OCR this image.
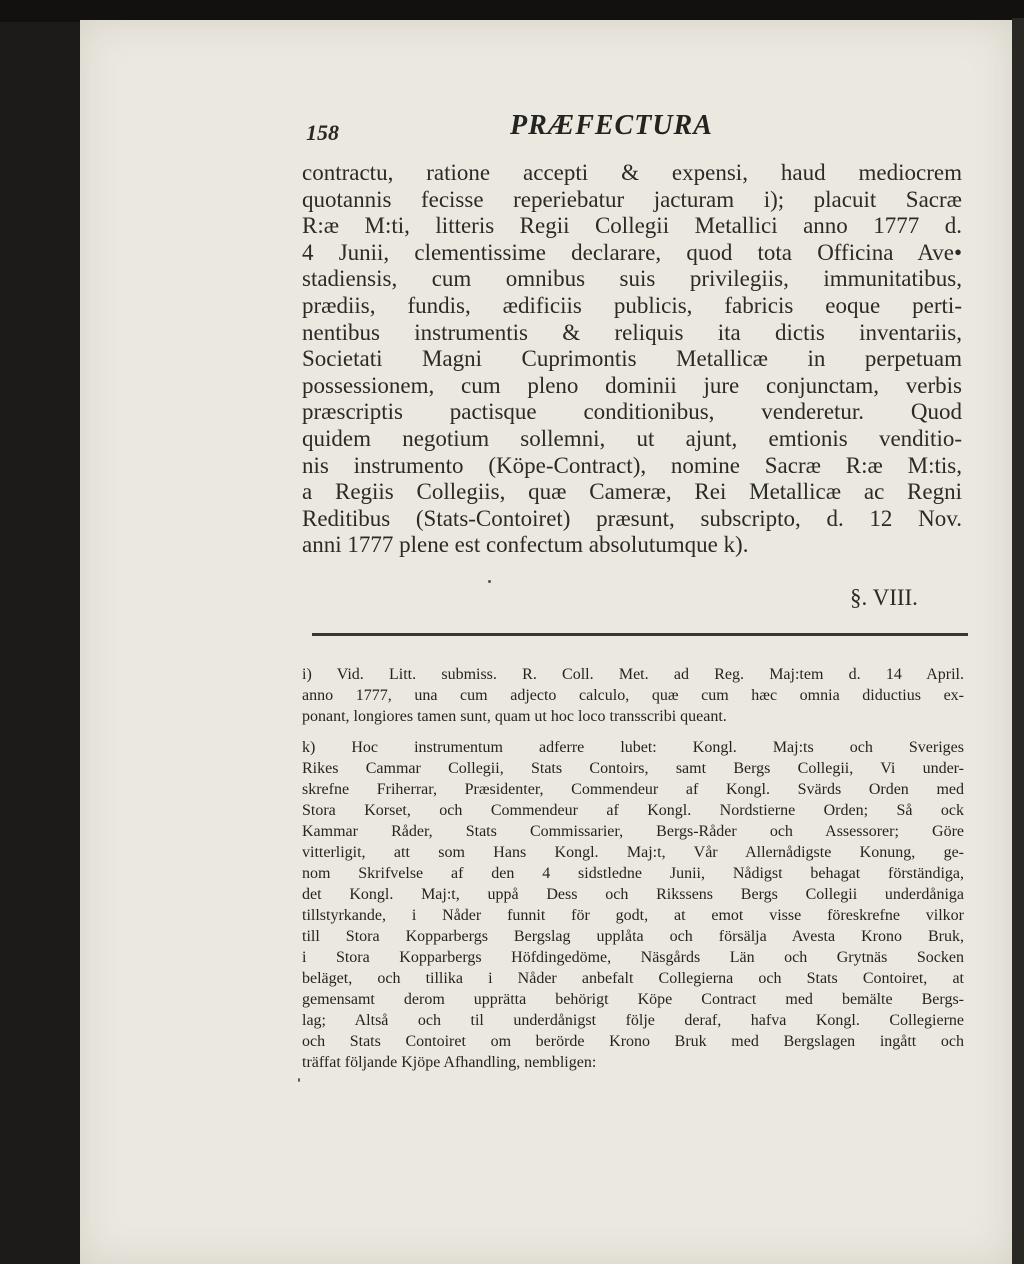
158	PRÆFECTURA
contractu, ratione accepti & expensi, haud mediocrem
quotannis fecisse reperiebatur jacturam i); placuit Sacræ
R:æ M:ti, litteris Regii Collegii Metallici anno 1777 d.
4 Junii, clementissime declarare, quod tota Officina Ave•
stadiensis, cum omnibus suis privilegiis, immunitatibus,
prædiis, fundis, ædificiis publicis, fabricis eoque perti-
nentibus instrumentis & reliquis ita dictis inventariis,
Societati Magni Cuprimontis Metallicæ in perpetuam
possessionem, cum pleno dominii jure conjunctam, verbis
præscriptis pactisque conditionibus, venderetur. Quod
quidem negotium sollemni, ut ajunt, emtionis venditio-
nis instrumento (Köpe-Contract), nomine Sacræ R:æ M:tis,
a Regiis Collegiis, quæ Cameræ, Rei Metallicæ ac Regni
Reditibus (Stats-Contoiret) præsunt, subscripto, d. 12 Nov.
anni 1777 plene est confectum absolutumque k).
§. VIII.
i) Vid. Litt. submiss. R. Coll. Met. ad Reg. Maj:tem d. 14 April.
anno 1777, una cum adjecto calculo, quæ cum hæc omnia diductius ex-
ponant, longiores tamen sunt, quam ut hoc loco transscribi queant.
k) Hoc instrumentum adferre lubet: Kongl. Maj:ts och Sveriges
Rikes Cammar Collegii, Stats Contoirs, samt Bergs Collegii, Vi under-
skrefne Friherrar, Præsidenter, Commendeur af Kongl. Svärds Orden med
Stora Korset, och Commendeur af Kongl. Nordstierne Orden; Så ock
Kammar Råder, Stats Commissarier, Bergs-Råder och Assessorer; Göre
vitterligit, att som Hans Kongl. Maj:t, Vår Allernådigste Konung, ge-
nom Skrifvelse af den 4 sidstledne Junii, Nådigst behagat förständiga,
det Kongl. Maj:t, uppå Dess och Rikssens Bergs Collegii underdåniga
tillstyrkande, i Nåder funnit för godt, at emot visse föreskrefne vilkor
till Stora Kopparbergs Bergslag upplåta och försälja Avesta Krono Bruk,
i Stora Kopparbergs Höfdingedöme, Näsgårds Län och Grytnäs Socken
beläget, och tillika i Nåder anbefalt Collegierna och Stats Contoiret, at
gemensamt derom upprätta behörigt Köpe Contract med bemälte Bergs-
lag; Altså och til underdånigst följe deraf, hafva Kongl. Collegierne
och Stats Contoiret om berörde Krono Bruk med Bergslagen ingått och
träffat följande Kjöpe Afhandling, nembligen:
